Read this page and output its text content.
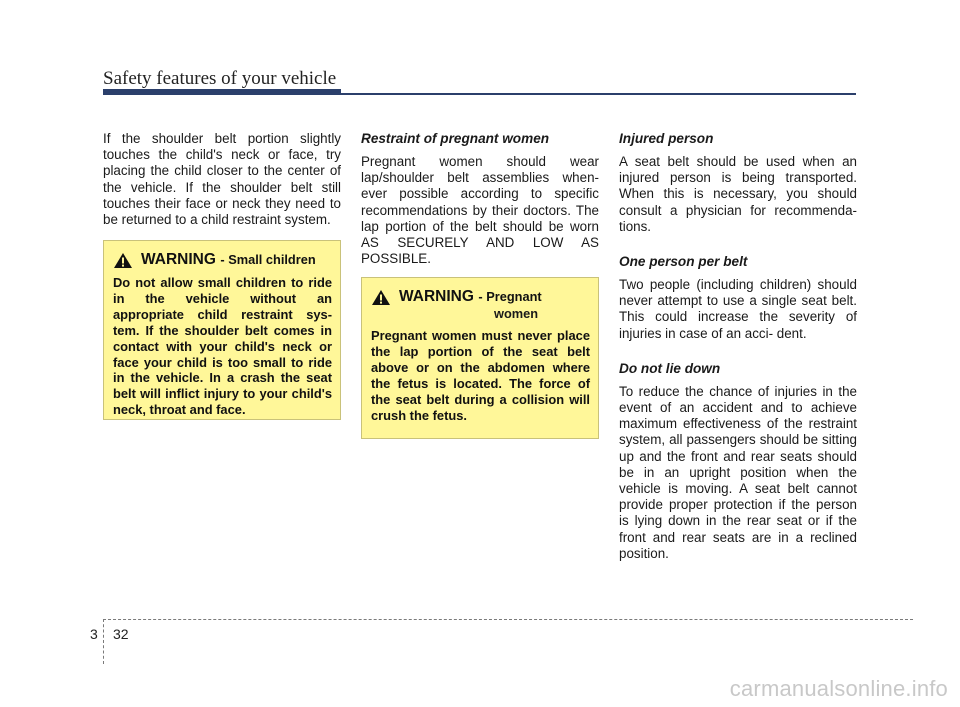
Safety features of your vehicle

If the shoulder belt portion slightly touches the child's neck or face, try placing the child closer to the center of the vehicle. If the shoulder belt still touches their face or neck they need to be returned to a child restraint system.

WARNING - Small children

Do not allow small children to ride in the vehicle without an appropriate child restraint sys- tem. If the shoulder belt comes in contact with your child's neck or face your child is too small to ride in the vehicle. In a crash the seat belt will inflict injury to your child's neck, throat and face.

Restraint of pregnant women

Pregnant women should wear lap/shoulder belt assemblies when- ever possible according to specific recommendations by their doctors. The lap portion of the belt should be worn AS SECURELY AND LOW AS POSSIBLE.

WARNING - Pregnant
women

Pregnant women must never place the lap portion of the seat belt above or on the abdomen where the fetus is located. The force of the seat belt during a collision will crush the fetus.

Injured person

A seat belt should be used when an injured person is being transported. When this is necessary, you should consult a physician for recommenda- tions.

One person per belt

Two people (including children) should never attempt to use a single seat belt. This could increase the severity of injuries in case of an acci- dent.

Do not lie down

To reduce the chance of injuries in the event of an accident and to achieve maximum effectiveness of the restraint system, all passengers should be sitting up and the front and rear seats should be in an upright position when the vehicle is moving. A seat belt cannot provide proper protection if the person is lying down in the rear seat or if the front and rear seats are in a reclined position.

3 32
carmanualsonline.info
